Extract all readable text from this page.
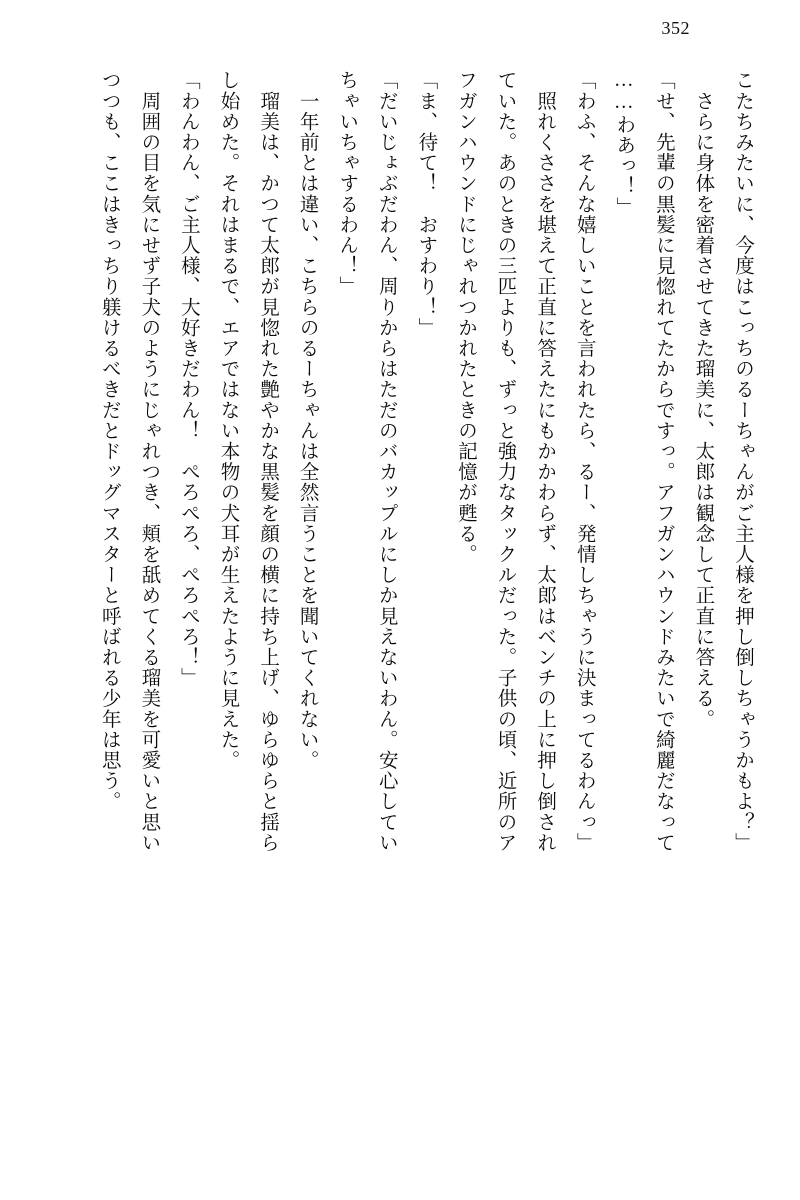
352

こたちみたいに、今度はこっちのるーちゃんがご主人様を押し倒しちゃうかもよ？」

　さらに身体を密着させてきた瑠美に、太郎は観念して正直に答える。

「せ、先輩の黒髪に見惚れてたからですっ。アフガンハウンドみたいで綺麗だなって

……わあっ！」

「わふ、そんな嬉しいことを言われたら、るー、発情しちゃうに決まってるわんっ」

　照れくささを堪えて正直に答えたにもかかわらず、太郎はベンチの上に押し倒され

ていた。あのときの三匹よりも、ずっと強力なタックルだった。子供の頃、近所のア

フガンハウンドにじゃれつかれたときの記憶が甦る。

「ま、待て！　おすわり！」

「だいじょぶだわん、周りからはただのバカップルにしか見えないわん。安心してい

ちゃいちゃするわん！」

　一年前とは違い、こちらのるーちゃんは全然言うことを聞いてくれない。

　瑠美は、かつて太郎が見惚れた艶やかな黒髪を顔の横に持ち上げ、ゆらゆらと揺ら

し始めた。それはまるで、エアではない本物の犬耳が生えたように見えた。

「わんわん、ご主人様、大好きだわん！　ぺろぺろ、ぺろぺろ！」

　周囲の目を気にせず子犬のようにじゃれつき、頬を舐めてくる瑠美を可愛いと思い

つつも、ここはきっちり躾けるべきだとドッグマスターと呼ばれる少年は思う。
